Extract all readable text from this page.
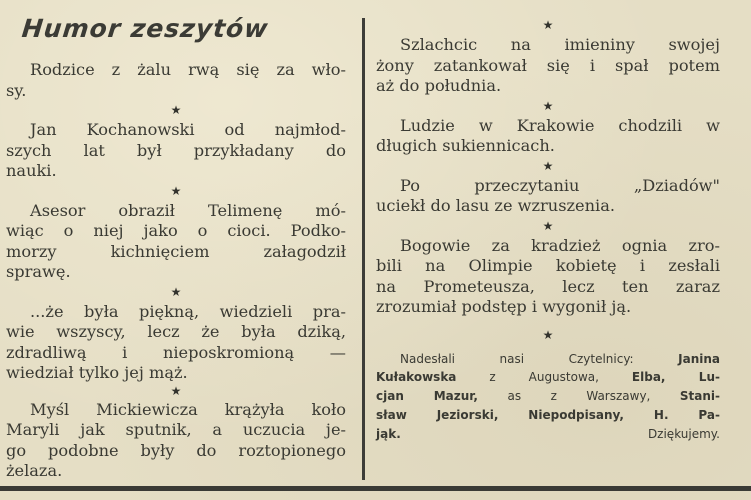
Humor zeszytów

Rodzice z żalu rwą się za wło-
sy.

★

Jan Kochanowski od najmłod-
szych lat był przykładany do
nauki.

★

Asesor obraził Telimenę mó-
wiąc o niej jako o cioci. Podko-
morzy kichnięciem załagodził
sprawę.

★

...że była piękną, wiedzieli pra-
wie wszyscy, lecz że była dziką,
zdradliwą i nieposkromioną —
wiedział tylko jej mąż.

★

Myśl Mickiewicza krążyła koło
Maryli jak sputnik, a uczucia je-
go podobne były do roztopionego
żelaza.

★

Szlachcic na imieniny swojej
żony zatankował się i spał potem
aż do południa.

★

Ludzie w Krakowie chodzili w
długich sukiennicach.

★

Po przeczytaniu „Dziadów"
uciekł do lasu ze wzruszenia.

★

Bogowie za kradzież ognia zro-
bili na Olimpie kobietę i zesłali
na Prometeusza, lecz ten zaraz
zrozumiał podstęp i wygonił ją.

★
Nadesłali nasi Czytelnicy:	Janina
Kułakowska	z Augustowa,	Elba, Lu-
cjan Mazur, as z Warszawy, Stani-
sław Jeziorski, Niepodpisany, H. Pa-
jąk.	Dziękujemy.
